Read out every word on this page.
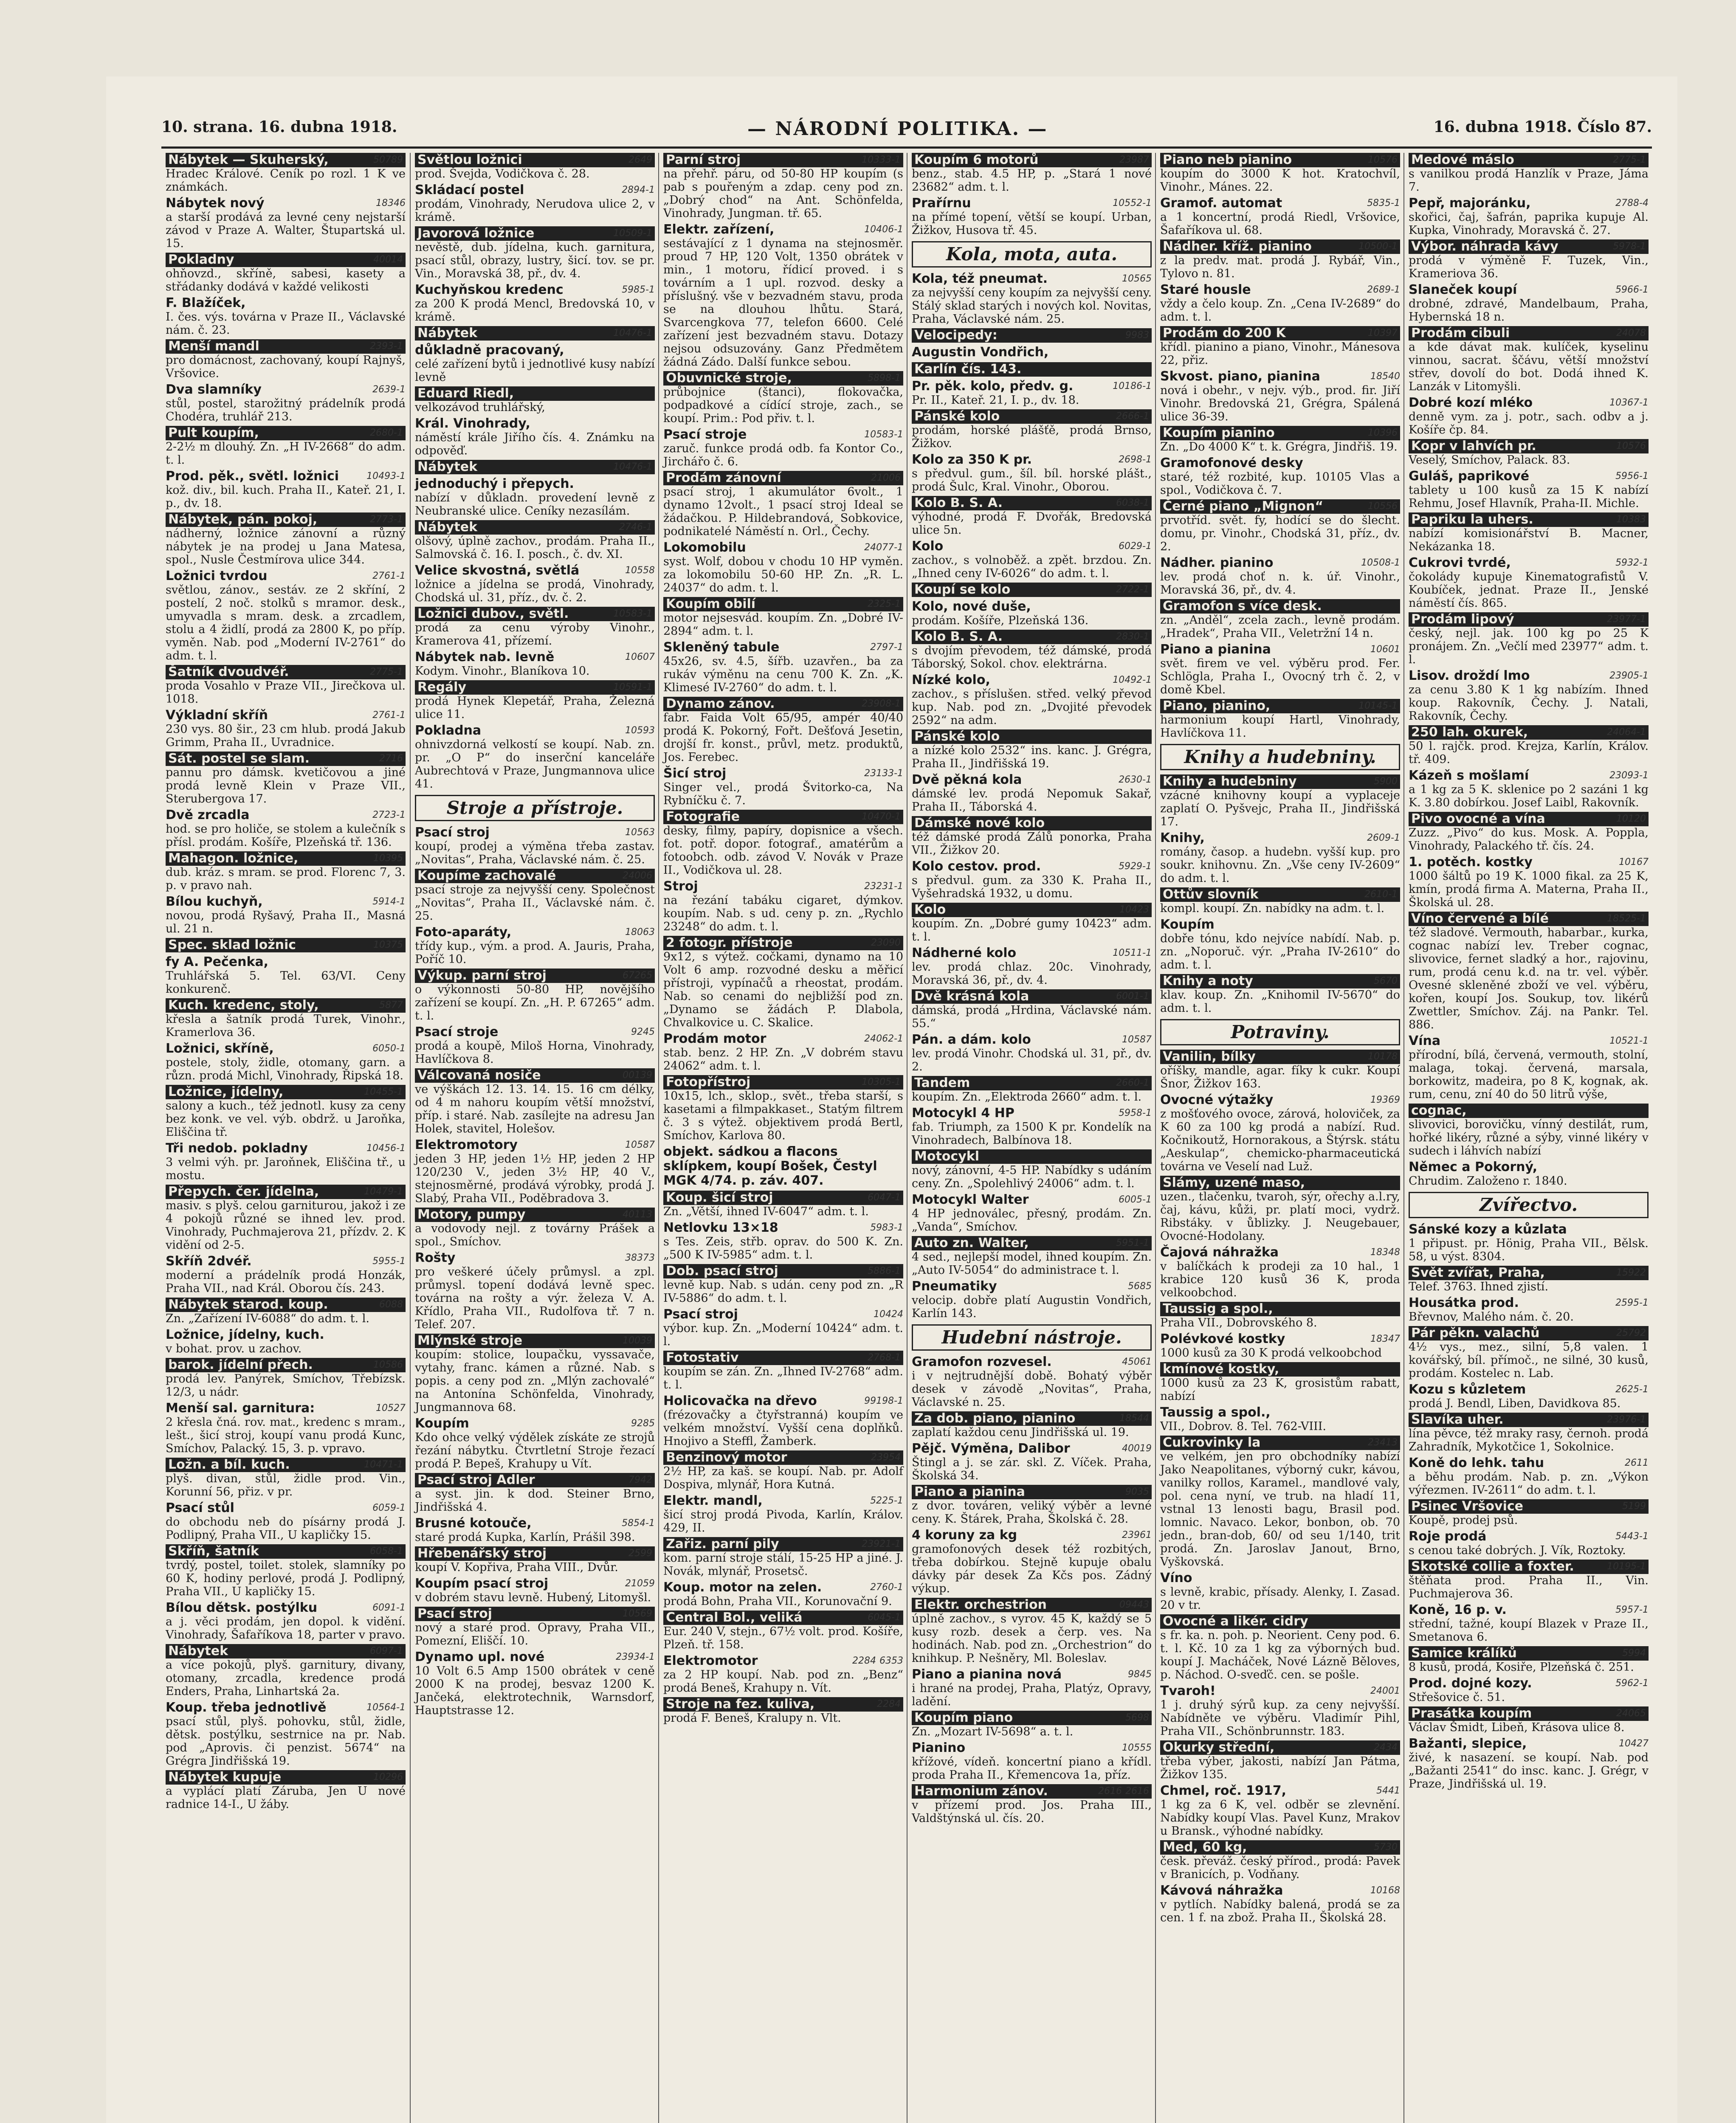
10. strana. 16. dubna 1918.	— NÁRODNÍ POLITIKA. —	16. dubna 1918. Číslo 87.
Nábytek — Skuherský,	50789
Hradec Králové. Ceník po rozl. 1 K ve známkách.
Nábytek nový	18346
a starší prodává za levné ceny nejstarší závod v Praze A. Walter, Štupartská ul. 15.
Pokladny	40014
ohňovzd., skříně, sabesi, kasety a střádanky dodává v každé velikosti
F. Blažíček,
I. čes. výs. továrna v Praze II., Václavské nám. č. 23.
Menší mandl	2393-1
pro domácnost, zachovaný, koupí Rajnyš, Vršovice.
Dva slamníky	2639-1
stůl, postel, starožitný prádelník prodá Chodéra, truhlář 213.
Pult koupím,	2680-1
2-2½ m dlouhý. Zn. „H IV-2668“ do adm. t. l.
Prod. pěk., světl. ložnici	10493-1
kož. div., bil. kuch. Praha II., Kateř. 21, I. p., dv. 18.
Nábytek, pán. pokoj,	2773-1
nádherný, ložnice zánovní a různý nábytek je na prodej u Jana Matesa, spol., Nusle Čestmírova ulice 344.
Ložnici tvrdou	2761-1
světlou, zánov., sestáv. ze 2 skříní, 2 postelí, 2 noč. stolků s mramor. desk., umyvadla s mram. desk. a zrcadlem, stolu a 4 židlí, prodá za 2800 K, po příp. vyměn. Nab. pod „Moderní IV-2761“ do adm. t. l.
Šatník dvoudvéř.	2775-1
proda Vosahlo v Praze VII., Jirečkova ul. 1018.
Výkladní skříň	2761-1
230 vys. 80 šir., 23 cm hlub. prodá Jakub Grimm, Praha II., Uvradnice.
Sát. postel se slam.	2716
pannu pro dámsk. kvetičovou a jiné prodá levně Klein v Praze VII., Sterubergova 17.
Dvě zrcadla	2723-1
hod. se pro holiče, se stolem a kulečník s přísl. prodám. Košíře, Plzeňská tř. 136.
Mahagon. ložnice,	10395
dub. kráz. s mram. se prod. Florenc 7, 3. p. v pravo nah.
Bílou kuchyň,	5914-1
novou, prodá Ryšavý, Praha II., Masná ul. 21 n.
Spec. sklad ložnic	10375
fy A. Pečenka,
Truhlářská 5. Tel. 63/VI. Ceny konkurenč.
Kuch. kredenc, stoly,	5877
křesla a šatník prodá Turek, Vinohr., Kramerlova 36.
Ložnici, skříně,	6050-1
postele, stoly, židle, otomany, garn. a různ. prodá Michl, Vinohrady, Řipská 18.
Ložnice, jídelny,	10455-1
salony a kuch., též jednotl. kusy za ceny bez konk. ve vel. výb. obdrž. u Jaroňka, Eliščina tř.
Tři nedob. pokladny	10456-1
3 velmi výh. pr. Jaroňnek, Eliščina tř., u mostu.
Přepych. čer. jídelna,	10479-1
masiv. s plyš. celou garniturou, jakož i ze 4 pokojů různé se ihned lev. prod. Vinohrady, Puchmajerova 21, přízdv. 2. K vidění od 2-5.
Skříň 2dvéř.	5955-1
moderní a prádelník prodá Honzák, Praha VII., nad Král. Oborou čís. 243.
Nábytek starod. koup.	6088
Zn. „Zařízení IV-6088“ do adm. t. l.
Ložnice, jídelny, kuch.
v bohat. prov. u zachov.
barok. jídelní přech.	10586
prodá lev. Panýrek, Smíchov, Třebízsk. 12/3, u nádr.
Menší sal. garnitura:	10527
2 křeslа čná. rov. mat., kredenc s mram., lešt., šicí stroj, koupí vanu prodá Kunc, Smíchov, Palacký. 15, 3. p. vpravo.
Ložn. a bíl. kuch.	10471-1
plyš. divan, stůl, židle prod. Vin., Korunní 56, přiz. v pr.
Psací stůl	6059-1
do obchodu neb do písárny prodá J. Podlipný, Praha VII., U kapličky 15.
Skříň, šatník	6058-1
tvrdý, postel, toilet. stolek, slamníky po 60 K, hodiny perlové, prodá J. Podlipný, Praha VII., U kapličky 15.
Bílou dětsk. postýlku	6091-1
a j. věci prodám, jen dopol. k vidění. Vinohrady, Šafaříkova 18, parter v pravo.
Nábytek	6097-1
a více pokojů, plyš. garnitury, divany, otomany, zrcadla, kredence prodá Enders, Praha, Linhartská 2a.
Koup. třeba jednotlivě	10564-1
psací stůl, plyš. pohovku, stůl, židle, dětsk. postýlku, sestrnice na pr. Nab. pod „Aprovis. či penzist. 5674“ na Grégra Jindřišská 19.
Nábytek kupuje	10296
a vyplácí platí Záruba, Jen U nové radnice 14-I., U žáby.
Světlou ložnici	2649
prod. Švejda, Vodičkova č. 28.
Skládací postel	2894-1
prodám, Vinohrady, Nerudova ulice 2, v krámě.
Javorová ložnice	10509-1
nevěstě, dub. jídelna, kuch. garnitura, psací stůl, obrazy, lustry, šicí. tov. se pr. Vin., Moravská 38, př., dv. 4.
Kuchyňskou kredenc	5985-1
za 200 K prodá Mencl, Bredovská 10, v krámě.
Nábytek	10476-1
důkladně pracovaný,
celé zařízení bytů i jednotlivé kusy nabízí levně
Eduard Riedl,
velkozávod truhlářský,
Král. Vinohrady,
náměstí krále Jiřího čís. 4. Známku na odpověď.
Nábytek	10476-1
jednoduchý i přepych.
nabízí v důkladn. provedení levně z Neubranské ulice. Ceníky nezasílám.
Nábytek	2746-1
olšový, úplně zachov., prodám. Praha II., Salmovská č. 16. I. posch., č. dv. XI.
Velice skvostná, světlá	10558
ložnice a jídelna se prodá, Vinohrady, Chodská ul. 31, příz., dv. č. 2.
Ložnici dubov., světl.	10583-1
prodá za cenu výroby Vinohr., Kramerova 41, přízemí.
Nábytek nab. levně	10607
Kodym. Vinohr., Blaníkova 10.
Regály	10591-1
prodá Hynek Klepetář, Praha, Železná ulice 11.
Pokladna	10593
ohnivzdorná velkostí se koupí. Nab. zn. pr. „O P“ do inserční kanceláře Aubrechtová v Praze, Jungmannova ulice 41.
Stroje a přístroje.
Psací stroj	10563
koupí, prodej a výměna třeba zastav. „Novitas“, Praha, Václavské nám. č. 25.
Koupíme zachovalé	24006
psací stroje za nejvyšší ceny. Společnost „Novitas“, Praha II., Václavské nám. č. 25.
Foto-aparáty,	18063
třídy kup., vým. a prod. A. Jauris, Praha, Poříč 10.
Výkup. parní stroj	67265
o výkonnosti 50-80 HP, novějšího zařízení se koupí. Zn. „H. P. 67265“ adm. t. l.
Psací stroje	9245
prodá a koupě, Miloš Horna, Vinohrady, Havlíčkova 8.
Válcovaná nosiče	00139
ve výškách 12. 13. 14. 15. 16 cm délky, od 4 m nahoru koupím větší množství, příp. i staré. Nab. zasílejte na adresu Jan Holek, stavitel, Holešov.
Elektromotory	10587
jeden 3 HP, jeden 1½ HP, jeden 2 HP 120/230 V., jeden 3½ HP, 40 V., stejnosměrné, prodává výrobky, prodá J. Slabý, Praha VII., Poděbradova 3.
Motory, pumpy	40113
a vodovody nejl. z továrny Prášek a spol., Smíchov.
Rošty	38373
pro veškeré účely průmysl. a zpl. průmysl. topení dodává levně spec. továrna na rošty a výr. železa V. A. Křídlo, Praha VII., Rudolfova tř. 7 n. Telef. 207.
Mlýnské stroje	10039
koupím: stolice, loupačku, vyssavače, vytahy, franc. kámen a různé. Nab. s popis. a ceny pod zn. „Mlýn zachovalé“ na Antonína Schönfelda, Vinohrady, Jungmannova 68.
Koupím	9285
Kdo ohce velký výdělek získáte ze strojů řezání nábytku. Čtvrtletní Stroje řezací prodá P. Bepeš, Krahupy u Vít.
Psací stroj Adler	7942
a syst. jin. k dod. Steiner Brno, Jindřišská 4.
Brusné kotouče,	5854-1
staré prodá Kupka, Karlín, Prášil 398.
Hřebenářský stroj	2599
koupí V. Kopřiva, Praha VIII., Dvůr.
Koupím psací stroj	21059
v dobrém stavu levně. Hubený, Litomyšl.
Psací stroj	10569
nový a staré prod. Opravy, Praha VII., Pomezní, Eliščí. 10.
Dynamo upl. nové	23934-1
10 Volt 6.5 Amp 1500 obrátek v ceně 2000 K na prodej, besvaz 1200 K. Jančeká, elektrotechnik, Warnsdorf, Hauptstrasse 12.
Parní stroj	10333-1
na přehř. páru, od 50-80 HP koupím (s pab s pouřeným a zdap. ceny pod zn. „Dobrý chod“ na Ant. Schönfelda, Vinohrady, Jungman. tř. 65.
Elektr. zařízení,	10406-1
sestávající z 1 dynama na stejnosměr. proud 7 HP, 120 Volt, 1350 obrátek v min., 1 motoru, řídicí proved. i s továrním a 1 upl. rozvod. desky a příslušný. vše v bezvadném stavu, proda se na dlouhou lhůtu. Stará, Svarcengkova 77, telefon 6600. Celé zařízení jest bezvadném stavu. Dotazy nejsou odsuzovány. Ganz Předmětem žádná Zádo. Další funkce sebou.
Obuvnické stroje,	5898-1
průbojnice (štanci), flokovačka, podpadkové a cídící stroje, zach., se koupí. Prim.: Pod přiv. t. l.
Psací stroje	10583-1
zaruč. funkce prodá odb. fa Kontor Co., Jirchářo č. 6.
Prodám zánovní	21006
psací stroj, 1 akumulátor 6volt., 1 dynamo 12volt., 1 psací stroj Ideal se žádačkou. P. Hildebrandová, Sobkovice, podnikatelé Náměstí n. Orl., Čechy.
Lokomobilu	24077-1
syst. Wolf, dobou v chodu 10 HP vyměn. za lokomobilu 50-60 HP. Zn. „R. L. 24037“ do adm. t. l.
Koupím obilí	2325-1
motor nejsesvád. koupím. Zn. „Dobré IV-2894“ adm. t. l.
Skleněný tabule	2797-1
45x26, sv. 4.5, šířb. uzavřen., ba za rukáv výměnu na cenu 700 K. Zn. „K. Klimesé IV-2760“ do adm. t. l.
Dynamo zánov.	23908-1
fabr. Faida Volt 65/95, ampér 40/40 prodá K. Pokorný, Fořt. Dešťová Jesetin, drojší fr. konst., průvl, metz. produktů, Jos. Ferebec.
Šicí stroj	23133-1
Singer vel., prodá Švitorko-ca, Na Rybníčku č. 7.
Fotografie	10470-1
desky, filmy, papíry, dopisnice a všech. fot. potř. dopor. fotograf., amatérům a fotoobch. odb. závod V. Novák v Praze II., Vodičkova ul. 28.
Stroj	23231-1
na řezání tabáku cigaret, dýmkov. koupím. Nab. s ud. ceny p. zn. „Rychlo 23248“ do adm. t. l.
2 fotogr. přístroje	23090
9x12, s výtež. cočkami, dynamo na 10 Volt 6 amp. rozvodné desku a měřicí přístroji, vypínačů a rheostat, prodám. Nab. so cenami do nejbližší pod zn. „Dynamo se žádách P. Dlabola, Chvalkovice u. C. Skalice.
Prodám motor	24062-1
stab. benz. 2 HP. Zn. „V dobrém stavu 24062“ adm. t. l.
Fotopřístroj	10305-1
10x15, lch., sklop., svět., třeba starší, s kasetami a filmpakkaset., Statým filtrem č. 3 s výtež. objektivem prodá Bertl, Smíchov, Karlova 80.
objekt. sádkou a flacons sklípkem, koupí Bošek, Čestyl MGK 4/74. p. záv. 407.
Koup. šicí stroj	6047-1
Zn. „Větší, ihned IV-6047“ adm. t. l.
Netlovku 13×18	5983-1
s Tes. Zeis, střb. oprav. do 500 K. Zn. „500 K IV-5985“ adm. t. l.
Dob. psací stroj	5886-1
levně kup. Nab. s udán. ceny pod zn. „R IV-5886“ do adm. t. l.
Psací stroj	10424
výbor. kup. Zn. „Moderní 10424“ adm. t. l.
Fotostativ	2768-1
koupím se zán. Zn. „Ihned IV-2768“ adm. t. l.
Holicovačka na dřevo	99198-1
(frézovačky a čtyřstranná) koupím ve velkém množství. Vyšší cena doplňků. Hnojivo a Steffl, Žamberk.
Benzinový motor	23954
2½ HP, za kaš. se koupí. Nab. pr. Adolf Dospiva, mlynář, Hora Kutná.
Elektr. mandl,	5225-1
šicí stroj prodá Pivoda, Karlín, Králov. 429, II.
Zařiz. parní pily	23921-1
kom. parní stroje stálí, 15-25 HP a jiné. J. Novák, mlynář, Prosetsč.
Koup. motor na zelen.	2760-1
prodá Bohn, Praha VII., Korunovační 9.
Central Bol., veliká	6045-1
Eur. 240 V, stejn., 67½ volt. prod. Košíře, Plzeň. tř. 158.
Elektromotor	6353
2284
za 2 HP koupí. Nab. pod zn. „Benz“ prodá Beneš, Krahupy n. Vít.
Stroje na fez. kuliva,	2284
prodá F. Beneš, Kralupy n. Vlt.
Koupím 6 motorů	23987
benz., stab. 4.5 HP, p. „Stará 1 nové 23682“ adm. t. l.
Prařírnu	10552-1
na přímé topení, větší se koupí. Urban, Žižkov, Husova tř. 45.
Kola, mota, auta.
Kola, též pneumat.	10565
za nejvyšší ceny koupím za nejvyšší ceny. Stálý sklad starých i nových kol. Novitas, Praha, Václavské nám. 25.
Velocipedy:	9983
Augustin Vondřich,
Karlín čís. 143.
Pr. pěk. kolo, předv. g.	10186-1
Pr. II., Kateř. 21, I. p., dv. 18.
Pánské kolo	2666-1
prodám, horské plášťě, prodá Brnso, Žižkov.
Kolo za 350 K pr.	2698-1
s předvul. gum., šíl. bíl. horské plášt., prodá Šulc, Kral. Vinohr., Oborou.
Kolo B. S. A.	6038-1
výhodné, prodá F. Dvořák, Bredovská ulice 5n.
Kolo	6029-1
zachov., s volnoběž. a zpět. brzdou. Zn. „Ihned ceny IV-6026“ do adm. t. l.
Koupí se kolo	2722-1
Kolo, nové duše,
prodám. Košíře, Plzeňská 136.
Kolo B. S. A.	2830-1
s dvojím převodem, též dámské, prodá Táborský, Sokol. chov. elektrárna.
Nízké kolo,	10492-1
zachov., s příslušen. střed. velký převod kup. Nab. pod zn. „Dvojité převodek 2592“ na adm.
Pánské kolo
a nízké kolo 2532“ ins. kanc. J. Grégra, Praha II., Jindřišská 19.
Dvě pěkná kola	2630-1
dámské lev. prodá Nepomuk Sakař, Praha II., Táborská 4.
Dámské nové kolo
též dámské prodá Zálů ponorka, Praha VII., Žižkov 20.
Kolo cestov. prod.	5929-1
s předvul. gum. za 330 K. Praha II., Vyšehradská 1932, u domu.
Kolo	10423
koupím. Zn. „Dobré gumy 10423“ adm. t. l.
Nádherné kolo	10511-1
lev. prodá chlaz. 20c. Vinohrady, Moravská 36, př., dv. 4.
Dvě krásná kola	6001-1
dámská, prodá „Hrdina, Václavské nám. 55.“
Pán. a dám. kolo	10587
lev. prodá Vinohr. Chodská ul. 31, př., dv. 2.
Tandem	2660-1
koupím. Zn. „Elektroda 2660“ adm. t. l.
Motocykl 4 HP	5958-1
fab. Triumph, za 1500 K pr. Kondelík na Vinohradech, Balbínova 18.
Motocykl
nový, zánovní, 4-5 HP. Nabídky s udáním ceny. Zn. „Spolehlivý 24006“ adm. t. l.
Motocykl Walter	6005-1
4 HP jednoválec, přesný, prodám. Zn. „Vanda“, Smíchov.
Auto zn. Walter,	5951-1
4 sed., nejlepší model, ihned koupím. Zn. „Auto IV-5054“ do administrace t. l.
Pneumatiky	5685
velocip. dobře platí Augustin Vondřich, Karlín 143.
Hudební nástroje.
Gramofon rozvesel.	45061
i v nejtrudnější době. Bohatý výběr desek v závodě „Novitas“, Praha, Václavské n. 25.
Za dob. piano, pianino	18544
zaplatí každou cenu Jindřišská ul. 19.
Pějč. Výměna, Dalibor	40019
Štingl a j. se zár. skl. Z. Víček. Praha, Školská 34.
Piano a pianina	9035
z dvor. továren, veliký výběr a levné ceny. K. Štárek, Praha, Školská č. 28.
4 koruny za kg	23961
gramofonových desek též rozbitých, třeba dobírkou. Stejně kupuje obalu dávky pár desek Za Kčs pos. Zádný výkup.
Elektr. orchestrion	09443
úplně zachov., s vyrov. 45 K, každý se 5 kusy rozb. desek a čerp. ves. Na hodinách. Nab. pod zn. „Orchestrion“ do knihkup. P. Nešněry, Ml. Boleslav.
Piano a pianina nová	9845
i hrané na prodej, Praha, Platýz, Opravy, ladění.
Koupím piano	5698
Zn. „Mozart IV-5698“ a. t. l.
Pianino	10555
křížové, vídeň. koncertní piano a křídl. proda Praha II., Křemencova 1a, příz.
Harmonium zánov.	2616
2616
v přízemí prod. Jos. Praha III., Valdštýnská ul. čís. 20.
Piano neb pianino	10576
koupím do 3000 K hot. Kratochvíl, Vinohr., Mánes. 22.
Gramof. automat	5835-1
a 1 koncertní, prodá Riedl, Vršovice, Šafaříkova ul. 68.
Nádher. kříž. pianino	10500-1
z la predv. mat. prodá J. Rybář, Vin., Tylovo n. 81.
Staré housle	2689-1
vždy a čelo koup. Zn. „Cena IV-2689“ do adm. t. l.
Prodám do 200 K	10397
křídl. pianino a piano, Vinohr., Mánesova 22, přiz.
Skvost. piano, pianina	18540
nová i obehr., v nejv. výb., prod. fir. Jiří Vinohr. Bredovská 21, Grégra, Spálená ulice 36-39.
Koupím pianino	10396
Zn. „Do 4000 K“ t. k. Grégra, Jindřiš. 19.
Gramofonové desky
staré, též rozbité, kup. 10105 Vlas a spol., Vodičkova č. 7.
Černé piano „Mignon“	10556
prvotříd. svět. fy, hodící se do šlecht. domu, pr. Vinohr., Chodská 31, příz., dv. 2.
Nádher. pianino	10508-1
lev. prodá choť n. k. úř. Vinohr., Moravská 36, př., dv. 4.
Gramofon s více desk.
zn. „Anděl“, zcela zach., levně prodám. „Hradek“, Praha VII., Veletržní 14 n.
Piano a pianina	10601
svět. firem ve vel. výběru prod. Fer. Schlögla, Praha I., Ovocný trh č. 2, v domě Kbel.
Piano, pianino,	10145-1
harmonium koupí Hartl, Vinohrady, Havlíčkova 11.
Knihy a hudebniny.
Knihy a hudebniny	5900
vzácné knihovny koupí a vyplaceje zaplatí O. Pyšvejc, Praha II., Jindřišská 17.
Knihy,	2609-1
romány, časop. a hudebn. vyšší kup. pro soukr. knihovnu. Zn. „Vše ceny IV-2609“ do adm. t. l.
Ottův slovník	2610-1
kompl. koupí. Zn. nabídky na adm. t. l.
Koupím
dobře tónu, kdo nejvíce nabídí. Nab. p. zn. „Noporuč. výr. „Praha IV-2610“ do adm. t. l.
Knihy a noty	5670
klav. koup. Zn. „Knihomil IV-5670“ do adm. t. l.
Potraviny.
Vanilin, bílky	10178
oříšky, mandle, agar. fíky k cukr. Koupí Šnor, Žižkov 163.
Ovocné výtažky	19369
z mošťového ovoce, zárová, holoviček, za K 60 za 100 kg prodá a nabízí. Rud. Kočnikoutž, Hornorakous, a Štýrsk. státu „Aeskulap“, chemicko-pharmaceutická továrna ve Veselí nad Luž.
Slámy, uzené maso,
uzen., tlačenku, tvaroh, sýr, ořechy a.l.ry, čaj, kávu, kůži, pr. platí moci, vydrž. Ribstáky. v ůblizky. J. Neugebauer, Ovocné-Hodolany.
Čajová náhražka	18348
v balíčkách k prodeji za 10 hal., 1 krabice 120 kusů 36 K, proda velkoobchod.
Taussig a spol.,
Praha VII., Dobrovského 8.
Polévkové kostky	18347
1000 kusů za 30 K prodá velkoobchod
kmínové kostky,
1000 kusů za 23 K, grosistům rabatt, nabízí
Taussig a spol.,
VII., Dobrov. 8. Tel. 762-VIII.
Cukrovinky la	23413
ve velkém, jen pro obchodníky nabízí Jako Neapolitanes, výborný cukr, kávou, vanilky rollos, Karamel., mandlové valy, pol. cena nyní, ve trub. na hladí 11, vstnal 13 lenosti bagu, Brasil pod. lomnic. Navaco. Lekor, bonbon, ob. 70 jedn., bran-dob, 60/ od seu 1/140, trit prodá. Zn. Jaroslav Janout, Brno, Vyškovská.
Víno
s levně, krabic, přísady. Alenky, I. Zasad. 20 v tr.
Ovocné a likér. cidry
s fr. ka. n. poh. p. Neorient. Ceny pod. 6. t. l. Kč. 10 za 1 kg za výborných bud. koupí J. Macháček, Nové Lázně Běloves, p. Náchod. O-sveďč. cen. se pošle.
Tvaroh!	24001
1 j. druhý sýrů kup. za ceny nejvyšší. Nabídněte ve výběru. Vladimír Pihl, Praha VII., Schönbrunnstr. 183.
Okurky střední,	2434
třeba výber, jakosti, nabízí Jan Pátma, Žižkov 135.
Chmel, roč. 1917,	5441
1 kg za 6 K, vel. odběr se zlevnění. Nabídky koupí Vlas. Pavel Kunz, Mrakov u Bransk., výhodné nabídky.
Med, 60 kg,	5730
česk. převáž. český přírod., prodá: Pavek v Branicích, p. Vodňany.
Kávová náhražka	10168
v pytlích. Nabídky balená, prodá se za cen. 1 f. na zbož. Praha II., Školská 28.
Medové máslo	2775-1
s vanilkou prodá Hanzlík v Praze, Jáma 7.
Pepř, majoránku,	2788-4
skořici, čaj, šafrán, paprika kupuje Al. Kupka, Vinohrady, Moravská č. 27.
Výbor. náhrada kávy	5978-1
prodá v výměně F. Tuzek, Vin., Krameriova 36.
Slaneček koupí	5966-1
drobné, zdravé, Mandelbaum, Praha, Hybernská 18 n.
Prodám cibuli	24078
a kde dávat mak. kulíček, kyselinu vinnou, sacrat. ščávu, větší množství střev, dovolí do bot. Dodá ihned K. Lanzák v Litomyšli.
Dobré kozí mléko	10367-1
denně vym. za j. potr., sach. odbv a j. Košíře čp. 84.
Kopr v lahvích pr.	10576
Veselý, Smíchov, Palack. 83.
Guláš, paprikové	5956-1
tablety u 100 kusů za 15 K nabízí Rehmu, Josef Hlavník, Praha-II. Michle.
Papriku la uhers.	10383
nabízí komisionářství B. Macner, Nekázanka 18.
Cukrovi tvrdé,	5932-1
čokolády kupuje Kinematografistů V. Koubíček, jednat. Praze II., Jenské náměstí čís. 865.
Prodám lipový	23977-1
český, nejl. jak. 100 kg po 25 K pronájem. Zn. „Večlí med 23977“ adm. t. l.
Lisov. droždí lmo	23905-1
za cenu 3.80 K 1 kg nabízím. Ihned koup. Rakovník, Čechy. J. Natali, Rakovník, Čechy.
250 lah. okurek,	24064-1
50 l. rajčk. prod. Krejza, Karlín, Králov. tř. 409.
Kázeň s mošlamí	23093-1
a 1 kg za 5 K. sklenice po 2 sazáni 1 kg K. 3.80 dobírkou. Josef Laibl, Rakovník.
Pivo ovocné a vína	10120
Zuzz. „Pivo“ do kus. Mosk. A. Poppla, Vinohrady, Palackého tř. čís. 24.
1. potěch. kostky	10167
1000 šáltů po 19 K. 1000 fikal. za 25 K, kmín, prodá firma A. Materna, Praha II., Školská ul. 28.
Víno červené a bílé	18525-1
též sladové. Vermouth, habarbar., kurka, cognac nabízí lev. Treber cognac, slivovice, fernet sladký a hor., rajovinu, rum, prodá cenu k.d. na tr. vel. výběr. Ovesné skleněné zboží ve vel. výběru, kořen, koupí Jos. Soukup, tov. likérů Zwettler, Smíchov. Záj. na Pankr. Tel. 886.
Vína	10521-1
přírodní, bílá, červená, vermouth, stolní, malaga, tokaj. červená, marsala, borkowitz, madeira, po 8 K, kognak, ak. rum, cenu, zní 40 do 50 litrů výše,
cognac,
slivovici, borovičku, vínný destilát, rum, hořké likéry, různé a sýby, vinné likéry v sudech i láhvích nabízí
Němec a Pokorný,
Chrudim. Založeno r. 1840.
Zvířectvo.
Sánské kozy a kůzlata
1 připust. pr. Hönig, Praha VII., Bělsk. 58, u výst. 8304.
Svět zvířat, Praha,	15922
Telef. 3763. Ihned zjistí.
Housátka prod.	2595-1
Břevnov, Malého nám. č. 20.
Pár pěkn. valachů	25792
4½ vys., mez., silní, 5,8 valen. 1 kovářský, bíl. přímoč., ne silné, 30 kusů, prodám. Kostelec n. Lab.
Kozu s kůzletem	2625-1
prodá J. Bendl, Liben, Davidkova 85.
Slavíka uher.	23976-1
lína pěvce, též mraky rasy, černoh. prodá Zahradník, Mykotčice 1, Sokolnice.
Koně do lehk. tahu	2611
a běhu prodám. Nab. p. zn. „Výkon výřezmen. IV-2611“ do adm. t. l.
Psinec Vršovice	5199
Koupě, prodej psů.
Roje prodá	5443-1
s cenou také dobrých. J. Vík, Roztoky.
Skotské collie a foxter.	10195-1
štěňata prod. Praha II., Vin. Puchmajerova 36.
Koně, 16 p. v.	5957-1
střední, tažné, koupí Blazek v Praze II., Smetanova 6.
Samice králíků	5994
8 kusů, prodá, Kosiře, Plzeňská č. 251.
Prod. dojné kozy.	5962-1
Střešovice č. 51.
Prasátka koupím	24065
Václav Šmidt, Libeň, Krásova ulice 8.
Bažanti, slepice,	10427
živé, k nasazení. se koupí. Nab. pod „Bažanti 2541“ do insc. kanc. J. Grégr, v Praze, Jindřišská ul. 19.
